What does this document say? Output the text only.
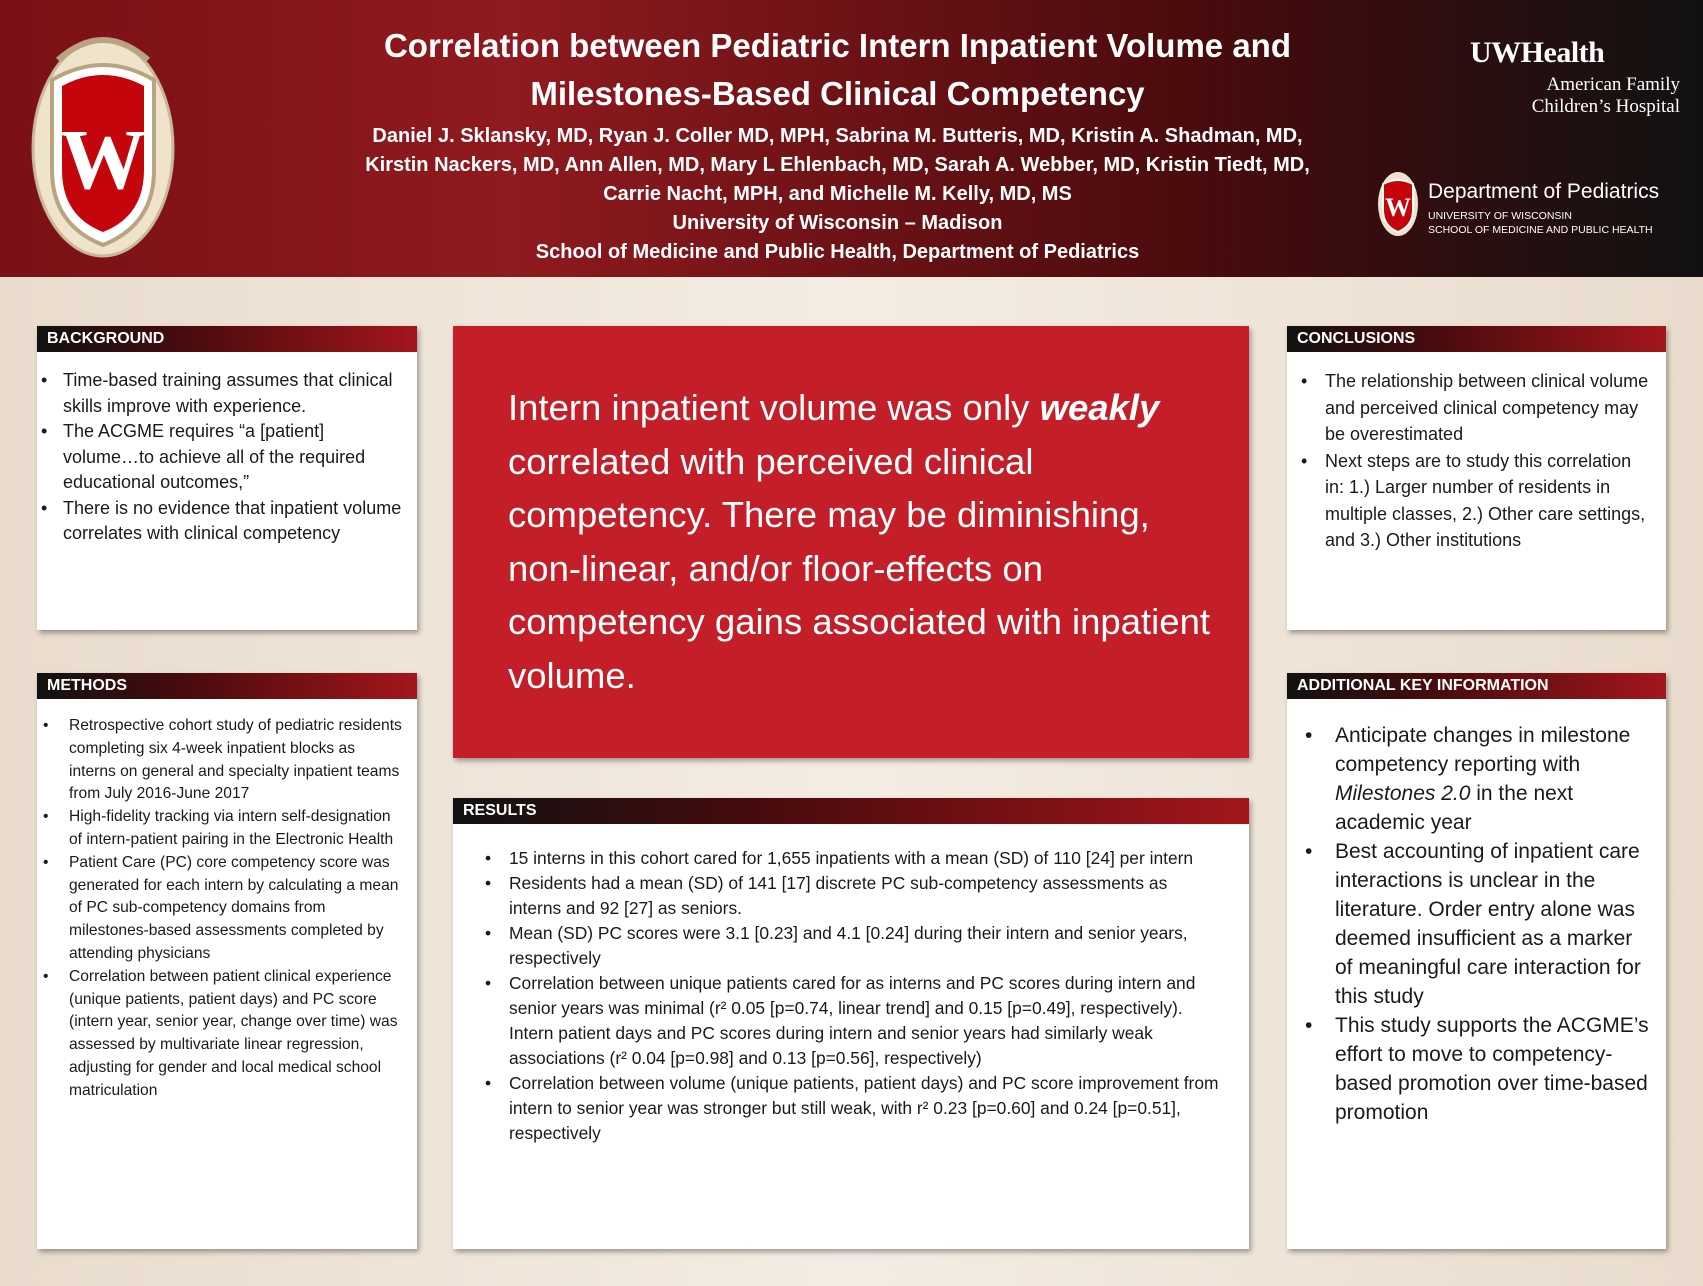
W
Correlation between Pediatric Intern Inpatient Volume and
Milestones-Based Clinical Competency
Daniel J. Sklansky, MD, Ryan J. Coller MD, MPH, Sabrina M. Butteris, MD, Kristin A. Shadman, MD,
Kirstin Nackers, MD, Ann Allen, MD, Mary L Ehlenbach, MD, Sarah A. Webber, MD, Kristin Tiedt, MD,
Carrie Nacht, MPH, and Michelle M. Kelly, MD, MS
University of Wisconsin – Madison
School of Medicine and Public Health, Department of Pediatrics
UWHealth
American Family
Children’s Hospital
W
Department of Pediatrics
UNIVERSITY OF WISCONSIN
SCHOOL OF MEDICINE AND PUBLIC HEALTH
BACKGROUND
• Time-based training assumes that clinical skills improve with experience.
• The ACGME requires “a [patient] volume…to achieve all of the required educational outcomes,”
• There is no evidence that inpatient volume correlates with clinical competency
METHODS
• Retrospective cohort study of pediatric residents completing six 4-week inpatient blocks as interns on general and specialty inpatient teams from July 2016-June 2017
• High-fidelity tracking via intern self-designation of intern-patient pairing in the Electronic Health
• Patient Care (PC) core competency score was generated for each intern by calculating a mean of PC sub-competency domains from milestones-based assessments completed by attending physicians
• Correlation between patient clinical experience (unique patients, patient days) and PC score (intern year, senior year, change over time) was assessed by multivariate linear regression, adjusting for gender and local medical school matriculation
Intern inpatient volume was only weakly correlated with perceived clinical competency. There may be diminishing, non-linear, and/or floor-effects on competency gains associated with inpatient volume.
RESULTS
• 15 interns in this cohort cared for 1,655 inpatients with a mean (SD) of 110 [24] per intern
• Residents had a mean (SD) of 141 [17] discrete PC sub-competency assessments as interns and 92 [27] as seniors.
• Mean (SD) PC scores were 3.1 [0.23] and 4.1 [0.24] during their intern and senior years, respectively
• Correlation between unique patients cared for as interns and PC scores during intern and senior years was minimal (r² 0.05 [p=0.74, linear trend] and 0.15 [p=0.49], respectively). Intern patient days and PC scores during intern and senior years had similarly weak associations (r² 0.04 [p=0.98] and 0.13 [p=0.56], respectively)
• Correlation between volume (unique patients, patient days) and PC score improvement from intern to senior year was stronger but still weak, with r² 0.23 [p=0.60] and 0.24 [p=0.51], respectively
CONCLUSIONS
• The relationship between clinical volume and perceived clinical competency may be overestimated
• Next steps are to study this correlation in: 1.) Larger number of residents in multiple classes, 2.) Other care settings, and 3.) Other institutions
ADDITIONAL KEY INFORMATION
• Anticipate changes in milestone competency reporting with Milestones 2.0 in the next academic year
• Best accounting of inpatient care interactions is unclear in the literature. Order entry alone was deemed insufficient as a marker of meaningful care interaction for this study
• This study supports the ACGME’s effort to move to competency-based promotion over time-based promotion
